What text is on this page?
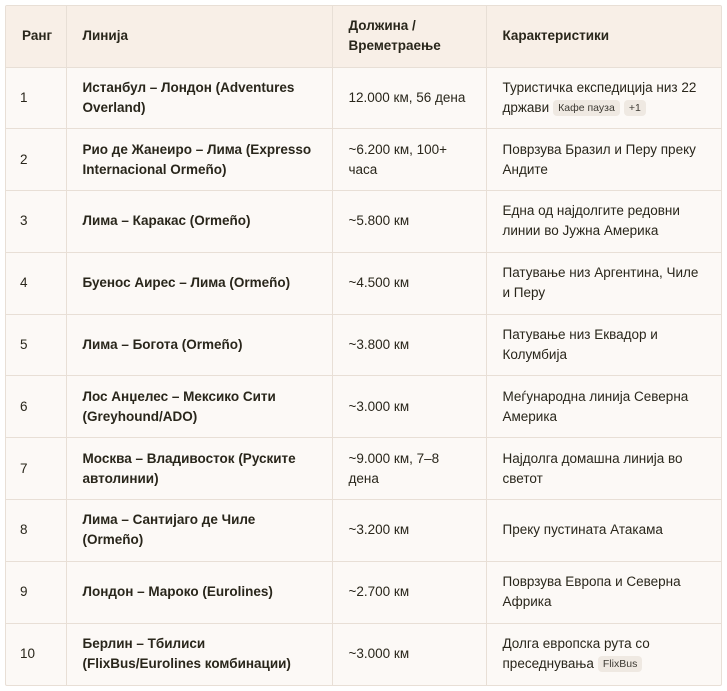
Ранг	Линија	Должина / Времетраење	Карактеристики
1	Истанбул – Лондон (Adventures Overland)	12.000 км, 56 дена	Туристичка експедиција низ 22 држави Кафе пауза +1
2	Рио де Жанеиро – Лима (Expresso Internacional Ormeño)	~6.200 км, 100+ часа	Поврзува Бразил и Перу преку Андите
3	Лима – Каракас (Ormeño)	~5.800 км	Една од најдолгите редовни линии во Јужна Америка
4	Буенос Аирес – Лима (Ormeño)	~4.500 км	Патување низ Аргентина, Чиле и Перу
5	Лима – Богота (Ormeño)	~3.800 км	Патување низ Еквадор и Колумбија
6	Лос Анџелес – Мексико Сити (Greyhound/ADO)	~3.000 км	Меѓународна линија Северна Америка
7	Москва – Владивосток (Руските автолинии)	~9.000 км, 7–8 дена	Најдолга домашна линија во светот
8	Лима – Сантијаго де Чиле (Ormeño)	~3.200 км	Преку пустината Атакама
9	Лондон – Мароко (Eurolines)	~2.700 км	Поврзува Европа и Северна Африка
10	Берлин – Тбилиси (FlixBus/Eurolines комбинации)	~3.000 км	Долга европска рута со преседнувања FlixBus
